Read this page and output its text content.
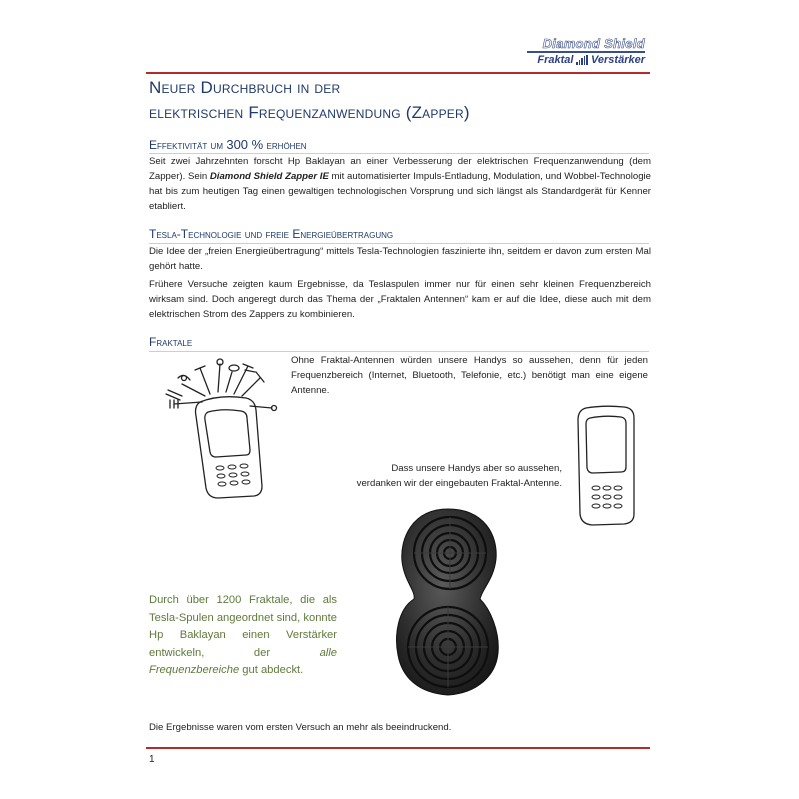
Diamond Shield
Fraktal Verstärker
Neuer Durchbruch in der
elektrischen Frequenzanwendung (Zapper)
Effektivität um 300 % erhöhen
Seit zwei Jahrzehnten forscht Hp Baklayan an einer Verbesserung der elektrischen Frequenzanwendung (dem Zapper). Sein Diamond Shield Zapper IE mit automatisierter Impuls-Entladung, Modulation, und Wobbel-Technologie hat bis zum heutigen Tag einen gewaltigen technologischen Vorsprung und sich längst als Standardgerät für Kenner etabliert.
Tesla-Technologie und freie Energieübertragung
Die Idee der „freien Energieübertragung“ mittels Tesla-Technologien faszinierte ihn, seitdem er davon zum ersten Mal gehört hatte.
Frühere Versuche zeigten kaum Ergebnisse, da Teslaspulen immer nur für einen sehr kleinen Frequenzbereich wirksam sind. Doch angeregt durch das Thema der „Fraktalen Antennen“ kam er auf die Idee, diese auch mit dem elektrischen Strom des Zappers zu kombinieren.
Fraktale
Ohne Fraktal-Antennen würden unsere Handys so aussehen, denn für jeden Frequenzbereich (Internet, Bluetooth, Telefonie, etc.) benötigt man eine eigene Antenne.
Dass unsere Handys aber so aussehen,
verdanken wir der eingebauten Fraktal-Antenne.
Durch über 1200 Fraktale, die als Tesla-Spulen angeordnet sind, konnte Hp Baklayan einen Verstärker entwickeln, der alle Frequenzbereiche gut abdeckt.
Die Ergebnisse waren vom ersten Versuch an mehr als beeindruckend.
1
